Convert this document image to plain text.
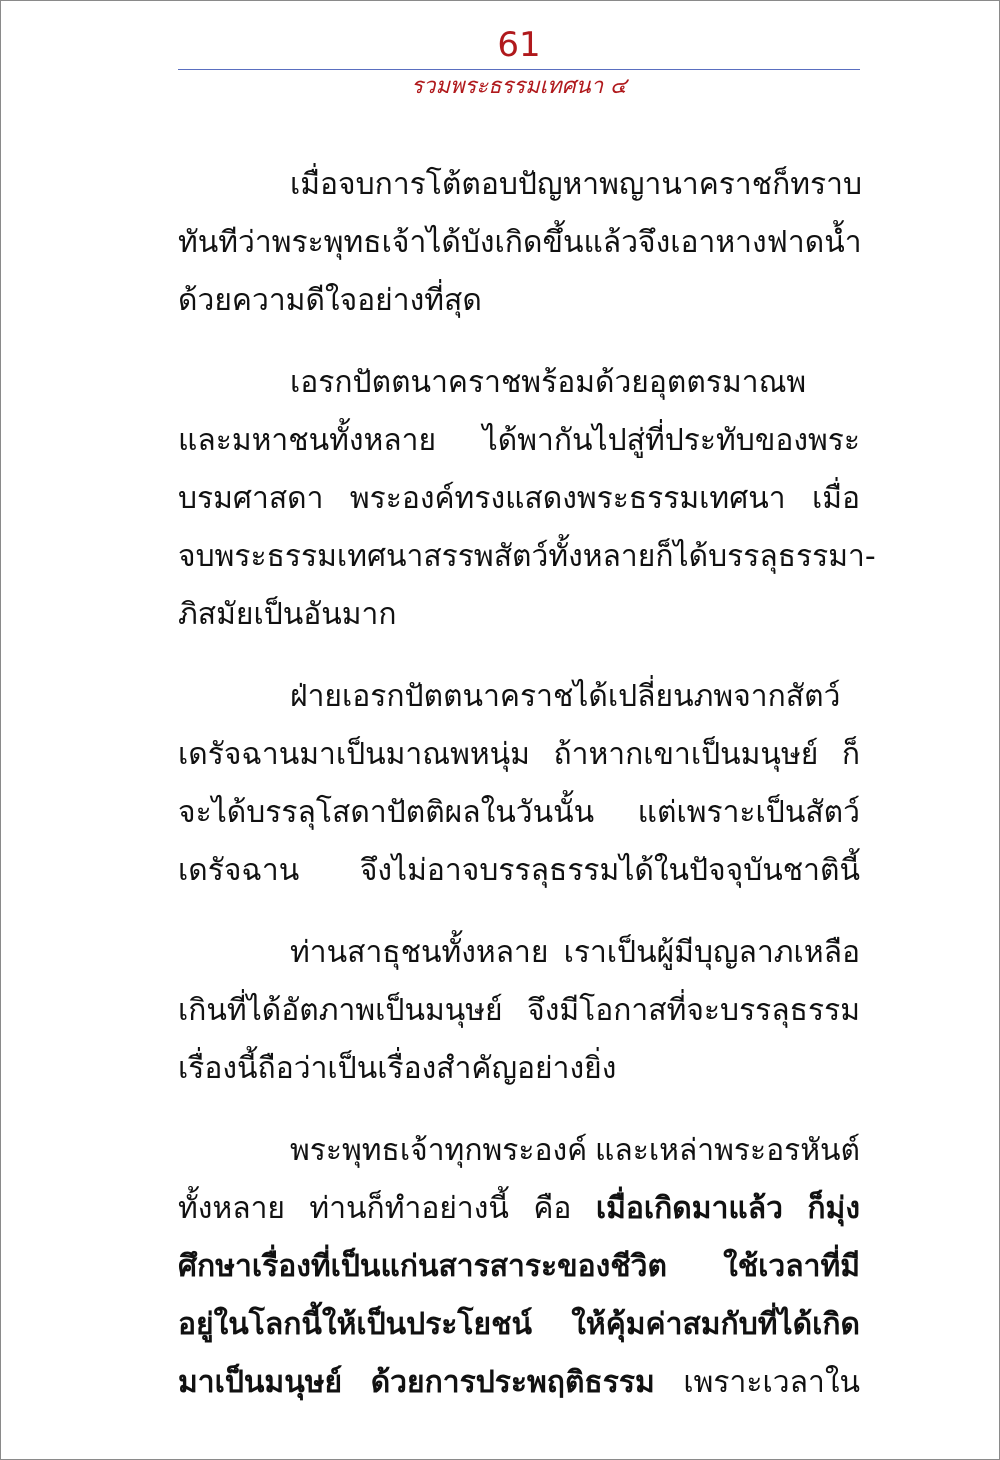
61
รวมพระธรรมเทศนา ๔
เมื่อจบการโต้ตอบปัญหา พญานาคราชก็ทราบ
ทันทีว่าพระพุทธเจ้าได้บังเกิดขึ้นแล้ว จึงเอาหางฟาดน้ำ
ด้วยความดีใจอย่างที่สุด
เอรกปัตตนาคราชพร้อมด้วยอุตตรมาณพ
และมหาชนทั้งหลาย ได้พากันไปสู่ที่ประทับของพระ
บรมศาสดา พระองค์ทรงแสดงพระธรรมเทศนา เมื่อ
จบพระธรรมเทศนา สรรพสัตว์ทั้งหลายก็ได้บรรลุธรรมา-
ภิสมัยเป็นอันมาก
ฝ่ายเอรกปัตตนาคราชได้เปลี่ยนภพจากสัตว์
เดรัจฉานมาเป็นมาณพหนุ่ม ถ้าหากเขาเป็นมนุษย์ ก็
จะได้บรรลุโสดาปัตติผลในวันนั้น แต่เพราะเป็นสัตว์
เดรัจฉาน จึงไม่อาจบรรลุธรรมได้ในปัจจุบันชาตินี้
ท่านสาธุชนทั้งหลาย เราเป็นผู้มีบุญลาภเหลือ
เกินที่ได้อัตภาพเป็นมนุษย์ จึงมีโอกาสที่จะบรรลุธรรม
เรื่องนี้ถือว่าเป็นเรื่องสำคัญอย่างยิ่ง
พระพุทธเจ้าทุกพระองค์ และเหล่าพระอรหันต์
ทั้งหลาย ท่านก็ทำอย่างนี้ คือ เมื่อเกิดมาแล้ว ก็มุ่ง
ศึกษาเรื่องที่เป็นแก่นสารสาระของชีวิต ใช้เวลาที่มี
อยู่ในโลกนี้ให้เป็นประโยชน์ ให้คุ้มค่าสมกับที่ได้เกิด
มาเป็นมนุษย์ ด้วยการประพฤติธรรม เพราะเวลาใน
